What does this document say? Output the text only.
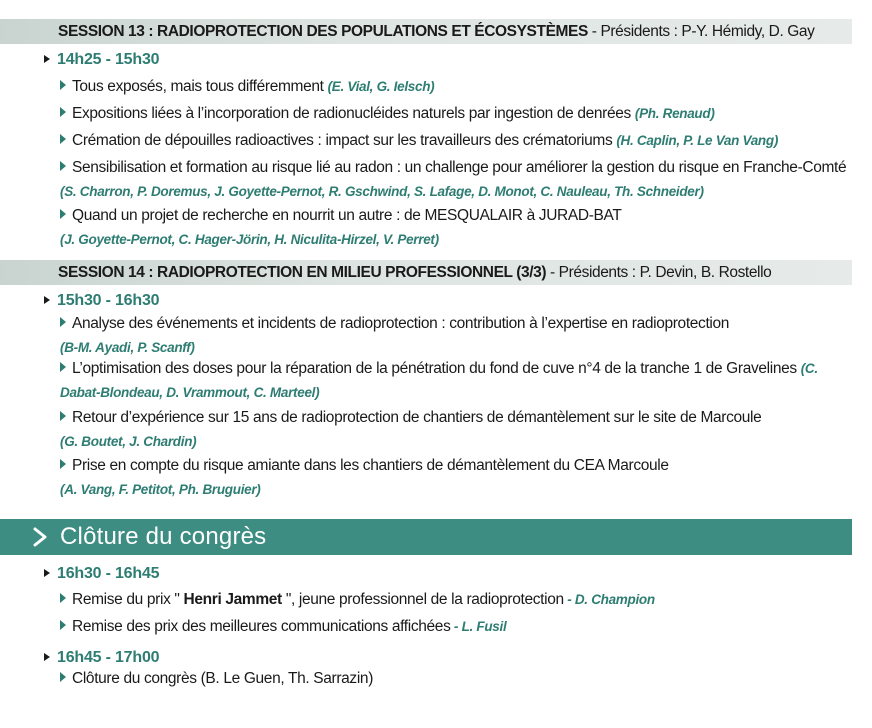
SESSION 13 : RADIOPROTECTION DES POPULATIONS ET ÉCOSYSTÈMES - Présidents : P-Y. Hémidy, D. Gay
14h25 - 15h30
Tous exposés, mais tous différemment (E. Vial, G. Ielsch)
Expositions liées à l’incorporation de radionucléides naturels par ingestion de denrées (Ph. Renaud)
Crémation de dépouilles radioactives : impact sur les travailleurs des crématoriums (H. Caplin, P. Le Van Vang)
Sensibilisation et formation au risque lié au radon : un challenge pour améliorer la gestion du risque en Franche-Comté (S. Charron, P. Doremus, J. Goyette-Pernot, R. Gschwind, S. Lafage, D. Monot, C. Nauleau, Th. Schneider)
Quand un projet de recherche en nourrit un autre : de MESQUALAIR à JURAD-BAT
(J. Goyette-Pernot, C. Hager-Jörin, H. Niculita-Hirzel, V. Perret)
SESSION 14 : RADIOPROTECTION EN MILIEU PROFESSIONNEL (3/3) - Présidents : P. Devin, B. Rostello
15h30 - 16h30
Analyse des événements et incidents de radioprotection : contribution à l’expertise en radioprotection
(B-M. Ayadi, P. Scanff)
L’optimisation des doses pour la réparation de la pénétration du fond de cuve n°4 de la tranche 1 de Gravelines (C. Dabat-Blondeau, D. Vrammout, C. Marteel)
Retour d’expérience sur 15 ans de radioprotection de chantiers de démantèlement sur le site de Marcoule
(G. Boutet, J. Chardin)
Prise en compte du risque amiante dans les chantiers de démantèlement du CEA Marcoule
(A. Vang, F. Petitot, Ph. Bruguier)
Clôture du congrès
16h30 - 16h45
Remise du prix " Henri Jammet ", jeune professionnel de la radioprotection - D. Champion
Remise des prix des meilleures communications affichées - L. Fusil
16h45 - 17h00
Clôture du congrès (B. Le Guen, Th. Sarrazin)
